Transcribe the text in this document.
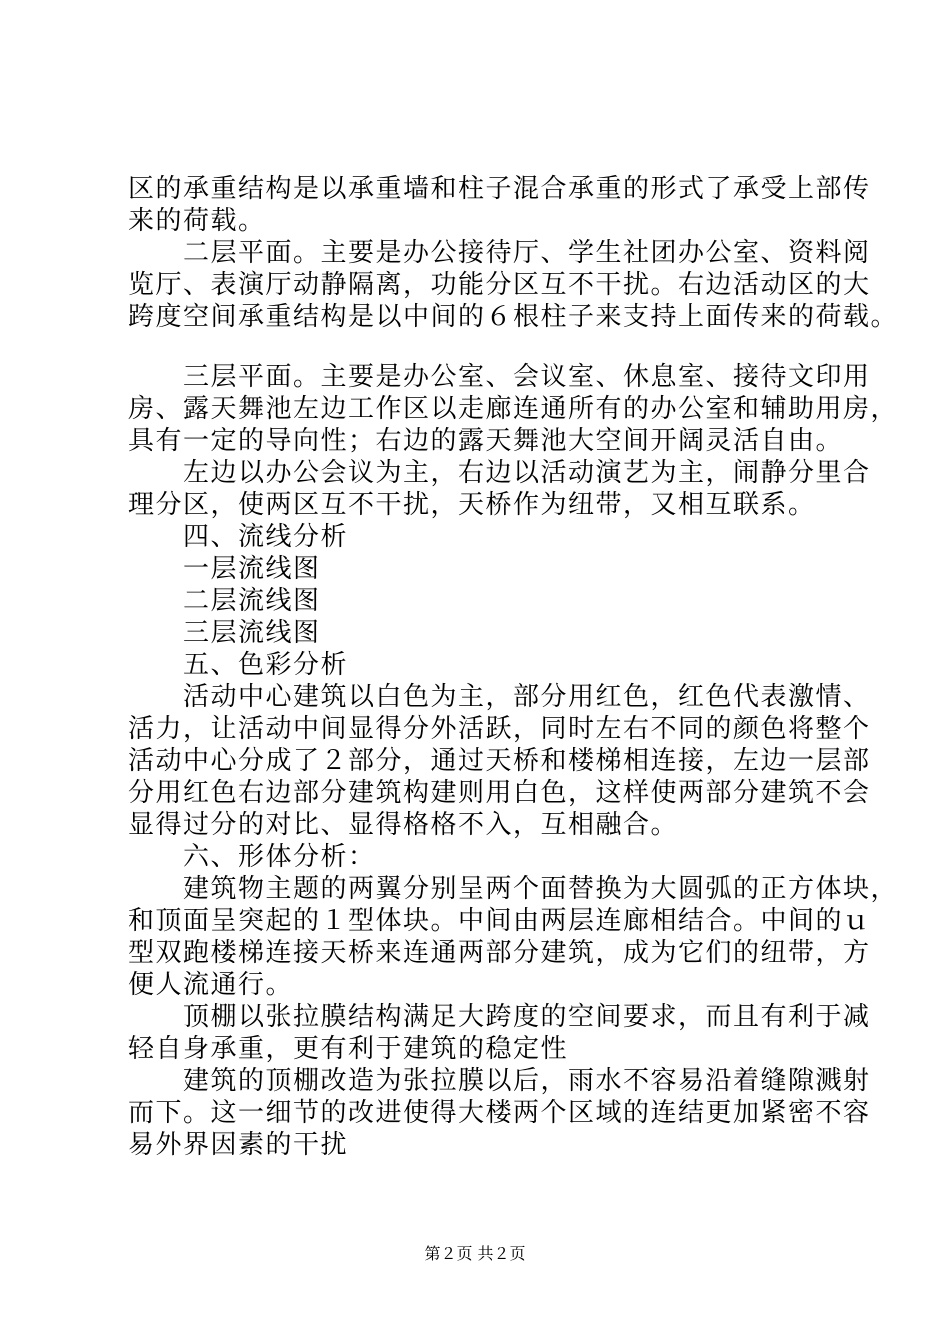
区的承重结构是以承重墙和柱子混合承重的形式了承受上部传
来的荷载。
　　二层平面。主要是办公接待厅、学生社团办公室、资料阅
览厅、表演厅动静隔离，功能分区互不干扰。右边活动区的大
跨度空间承重结构是以中间的６根柱子来支持上面传来的荷载。
　　三层平面。主要是办公室、会议室、休息室、接待文印用
房、露天舞池左边工作区以走廊连通所有的办公室和辅助用房，
具有一定的导向性；右边的露天舞池大空间开阔灵活自由。
　　左边以办公会议为主，右边以活动演艺为主，闹静分里合
理分区，使两区互不干扰，天桥作为纽带，又相互联系。
　　四、流线分析
　　一层流线图
　　二层流线图
　　三层流线图
　　五、色彩分析
　　活动中心建筑以白色为主，部分用红色，红色代表激情、
活力，让活动中间显得分外活跃，同时左右不同的颜色将整个
活动中心分成了２部分，通过天桥和楼梯相连接，左边一层部
分用红色右边部分建筑构建则用白色，这样使两部分建筑不会
显得过分的对比、显得格格不入，互相融合。
　　六、形体分析：
　　建筑物主题的两翼分别呈两个面替换为大圆弧的正方体块，
和顶面呈突起的１型体块。中间由两层连廊相结合。中间的ｕ
型双跑楼梯连接天桥来连通两部分建筑，成为它们的纽带，方
便人流通行。
　　顶棚以张拉膜结构满足大跨度的空间要求，而且有利于减
轻自身承重，更有利于建筑的稳定性
　　建筑的顶棚改造为张拉膜以后，雨水不容易沿着缝隙溅射
而下。这一细节的改进使得大楼两个区域的连结更加紧密不容
易外界因素的干扰
第２页 共２页
